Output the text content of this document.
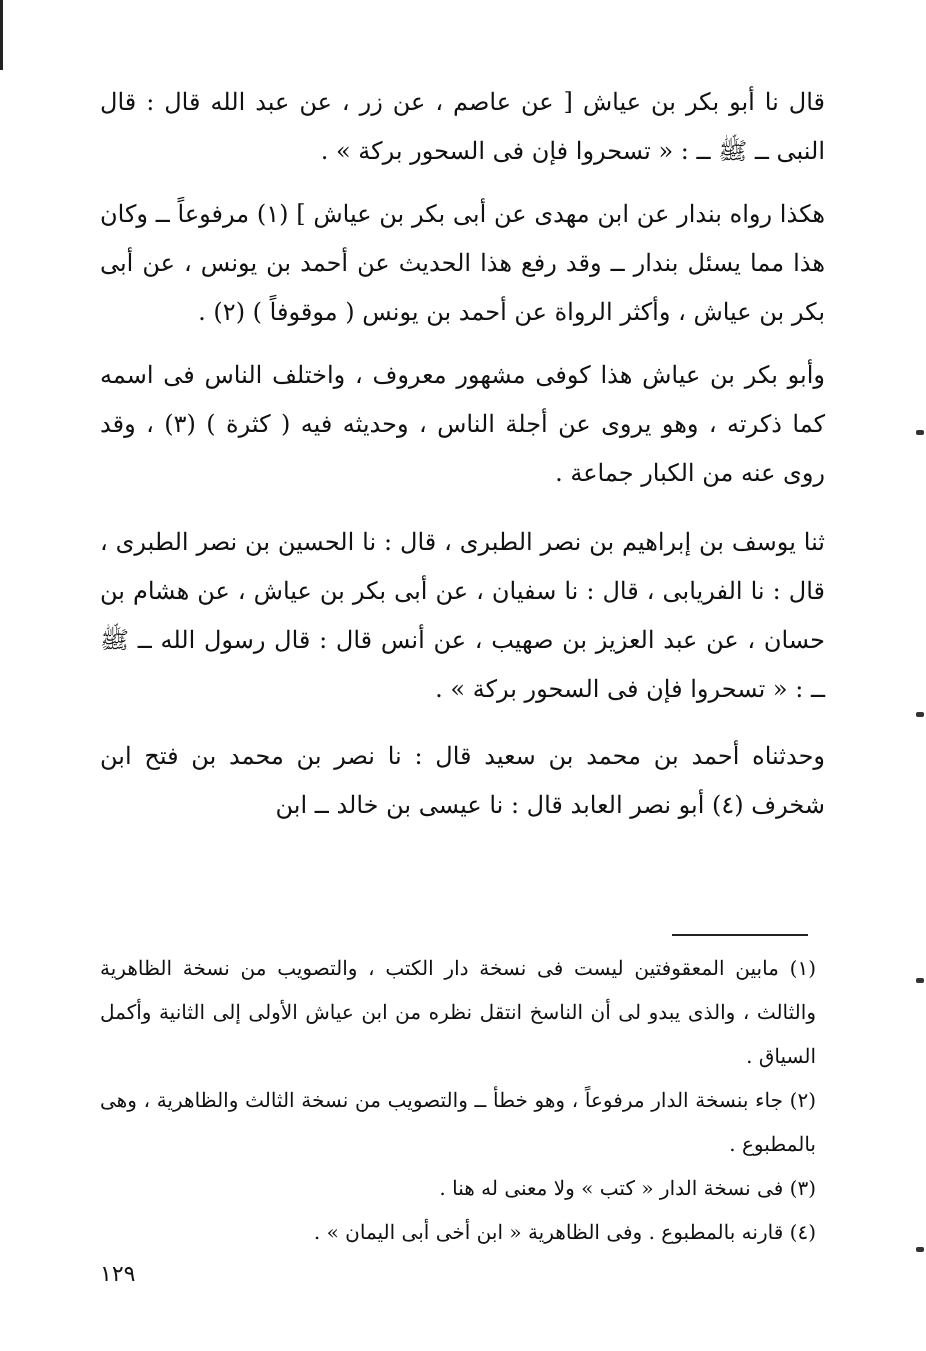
قال نا أبو بكر بن عياش [ عن عاصم ، عن زر ، عن عبد الله قال : قال النبى ــ ﷺ ــ : « تسحروا فإن فى السحور بركة » .

هكذا رواه بندار عن ابن مهدى عن أبى بكر بن عياش ] (١) مرفوعاً ــ وكان هذا مما يسئل بندار ــ وقد رفع هذا الحديث عن أحمد بن يونس ، عن أبى بكر بن عياش ، وأكثر الرواة عن أحمد بن يونس ( موقوفاً ) (٢) .

وأبو بكر بن عياش هذا كوفى مشهور معروف ، واختلف الناس فى اسمه كما ذكرته ، وهو يروى عن أجلة الناس ، وحديثه فيه ( كثرة ) (٣) ، وقد روى عنه من الكبار جماعة .

ثنا يوسف بن إبراهيم بن نصر الطبرى ، قال : نا الحسين بن نصر الطبرى ، قال : نا الفريابى ، قال : نا سفيان ، عن أبى بكر بن عياش ، عن هشام بن حسان ، عن عبد العزيز بن صهيب ، عن أنس قال : قال رسول الله ــ ﷺ ــ : « تسحروا فإن فى السحور بركة » .

وحدثناه أحمد بن محمد بن سعيد قال : نا نصر بن محمد بن فتح ابن شخرف (٤) أبو نصر العابد قال : نا عيسى بن خالد ــ ابن

(١) مابين المعقوفتين ليست فى نسخة دار الكتب ، والتصويب من نسخة الظاهرية والثالث ، والذى يبدو لى أن الناسخ انتقل نظره من ابن عياش الأولى إلى الثانية وأكمل السياق .

(٢) جاء بنسخة الدار مرفوعاً ، وهو خطأ ــ والتصويب من نسخة الثالث والظاهرية ، وهى بالمطبوع .

(٣) فى نسخة الدار « كتب » ولا معنى له هنا .

(٤) قارنه بالمطبوع . وفى الظاهرية « ابن أخى أبى اليمان » .

١٢٩
